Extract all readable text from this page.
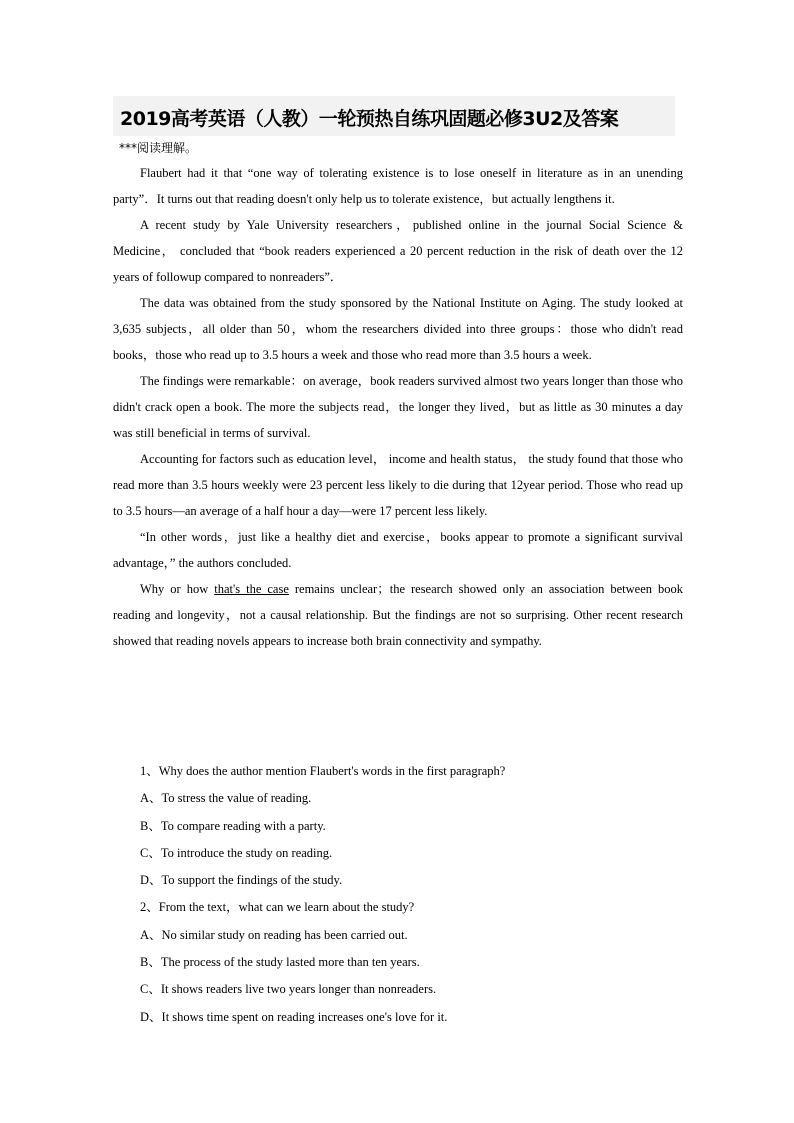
2019高考英语（人教）一轮预热自练巩固题必修3U2及答案
***阅读理解。

Flaubert had it that “one way of tolerating existence is to lose oneself in literature as in an unending party”．It turns out that reading doesn't only help us to tolerate existence，but actually lengthens it.

A recent study by Yale University researchers，published online in the journal Social Science & Medicine， concluded that “book readers experienced a 20 percent reduction in the risk of death over the 12 years of followup compared to nonreaders”．

The data was obtained from the study sponsored by the National Institute on Aging. The study looked at 3,635 subjects，all older than 50，whom the researchers divided into three groups：those who didn't read books，those who read up to 3.5 hours a week and those who read more than 3.5 hours a week.

The findings were remarkable：on average，book readers survived almost two years longer than those who didn't crack open a book. The more the subjects read，the longer they lived，but as little as 30 minutes a day was still beneficial in terms of survival.

Accounting for factors such as education level， income and health status， the study found that those who read more than 3.5 hours weekly were 23 percent less likely to die during that 12year period. Those who read up to 3.5 hours—an average of a half hour a day—were 17 percent less likely.

“In other words，just like a healthy diet and exercise，books appear to promote a significant survival advantage，” the authors concluded.

Why or how that's the case remains unclear；the research showed only an association between book reading and longevity，not a causal relationship. But the findings are not so surprising. Other recent research showed that reading novels appears to increase both brain connectivity and sympathy.

1、Why does the author mention Flaubert's words in the first paragraph?
A、To stress the value of reading.
B、To compare reading with a party.
C、To introduce the study on reading.
D、To support the findings of the study.
2、From the text，what can we learn about the study?
A、No similar study on reading has been carried out.
B、The process of the study lasted more than ten years.
C、It shows readers live two years longer than nonreaders.
D、It shows time spent on reading increases one's love for it.
